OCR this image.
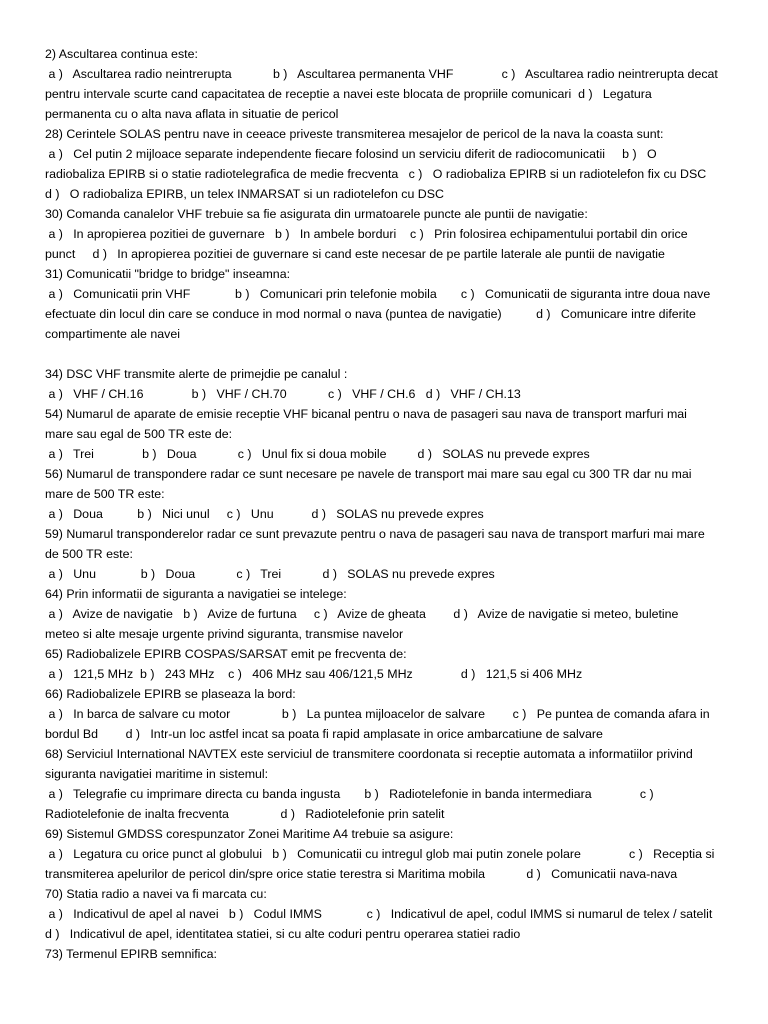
2) Ascultarea continua este:
a )   Ascultarea radio neintrerupta            b )   Ascultarea permanenta VHF              c )   Ascultarea radio neintrerupta decat
pentru intervale scurte cand capacitatea de receptie a navei este blocata de propriile comunicari  d )   Legatura
permanenta cu o alta nava aflata in situatie de pericol
28) Cerintele SOLAS pentru nave in ceeace priveste transmiterea mesajelor de pericol de la nava la coasta sunt:
a )   Cel putin 2 mijloace separate independente fiecare folosind un serviciu diferit de radiocomunicatii     b )   O
radiobaliza EPIRB si o statie radiotelegrafica de medie frecventa   c )   O radiobaliza EPIRB si un radiotelefon fix cu DSC
d )   O radiobaliza EPIRB, un telex INMARSAT si un radiotelefon cu DSC
30) Comanda canalelor VHF trebuie sa fie asigurata din urmatoarele puncte ale puntii de navigatie:
a )   In apropierea pozitiei de guvernare   b )   In ambele borduri    c )   Prin folosirea echipamentului portabil din orice
punct     d )   In apropierea pozitiei de guvernare si cand este necesar de pe partile laterale ale puntii de navigatie
31) Comunicatii "bridge to bridge" inseamna:
a )   Comunicatii prin VHF             b )   Comunicari prin telefonie mobila       c )   Comunicatii de siguranta intre doua nave
efectuate din locul din care se conduce in mod normal o nava (puntea de navigatie)          d )   Comunicare intre diferite
compartimente ale navei
34) DSC VHF transmite alerte de primejdie pe canalul :
a )   VHF / CH.16              b )   VHF / CH.70            c )   VHF / CH.6   d )   VHF / CH.13
54) Numarul de aparate de emisie receptie VHF bicanal pentru o nava de pasageri sau nava de transport marfuri mai
mare sau egal de 500 TR este de:
a )   Trei              b )   Doua            c )   Unul fix si doua mobile         d )   SOLAS nu prevede expres
56) Numarul de transpondere radar ce sunt necesare pe navele de transport mai mare sau egal cu 300 TR dar nu mai
mare de 500 TR este:
a )   Doua          b )   Nici unul     c )   Unu           d )   SOLAS nu prevede expres
59) Numarul transponderelor radar ce sunt prevazute pentru o nava de pasageri sau nava de transport marfuri mai mare
de 500 TR este:
a )   Unu             b )   Doua            c )   Trei            d )   SOLAS nu prevede expres
64) Prin informatii de siguranta a navigatiei se intelege:
a )   Avize de navigatie   b )   Avize de furtuna     c )   Avize de gheata        d )   Avize de navigatie si meteo, buletine
meteo si alte mesaje urgente privind siguranta, transmise navelor
65) Radiobalizele EPIRB COSPAS/SARSAT emit pe frecventa de:
a )   121,5 MHz  b )   243 MHz    c )   406 MHz sau 406/121,5 MHz              d )   121,5 si 406 MHz
66) Radiobalizele EPIRB se plaseaza la bord:
a )   In barca de salvare cu motor               b )   La puntea mijloacelor de salvare        c )   Pe puntea de comanda afara in
bordul Bd        d )   Intr-un loc astfel incat sa poata fi rapid amplasate in orice ambarcatiune de salvare
68) Serviciul International NAVTEX este serviciul de transmitere coordonata si receptie automata a informatiilor privind
siguranta navigatiei maritime in sistemul:
a )   Telegrafie cu imprimare directa cu banda ingusta       b )   Radiotelefonie in banda intermediara              c )
Radiotelefonie de inalta frecventa               d )   Radiotelefonie prin satelit
69) Sistemul GMDSS corespunzator Zonei Maritime A4 trebuie sa asigure:
a )   Legatura cu orice punct al globului   b )   Comunicatii cu intregul glob mai putin zonele polare              c )   Receptia si
transmiterea apelurilor de pericol din/spre orice statie terestra si Maritima mobila            d )   Comunicatii nava-nava
70) Statia radio a navei va fi marcata cu:
a )   Indicativul de apel al navei   b )   Codul IMMS             c )   Indicativul de apel, codul IMMS si numarul de telex / satelit
d )   Indicativul de apel, identitatea statiei, si cu alte coduri pentru operarea statiei radio
73) Termenul EPIRB semnifica:
